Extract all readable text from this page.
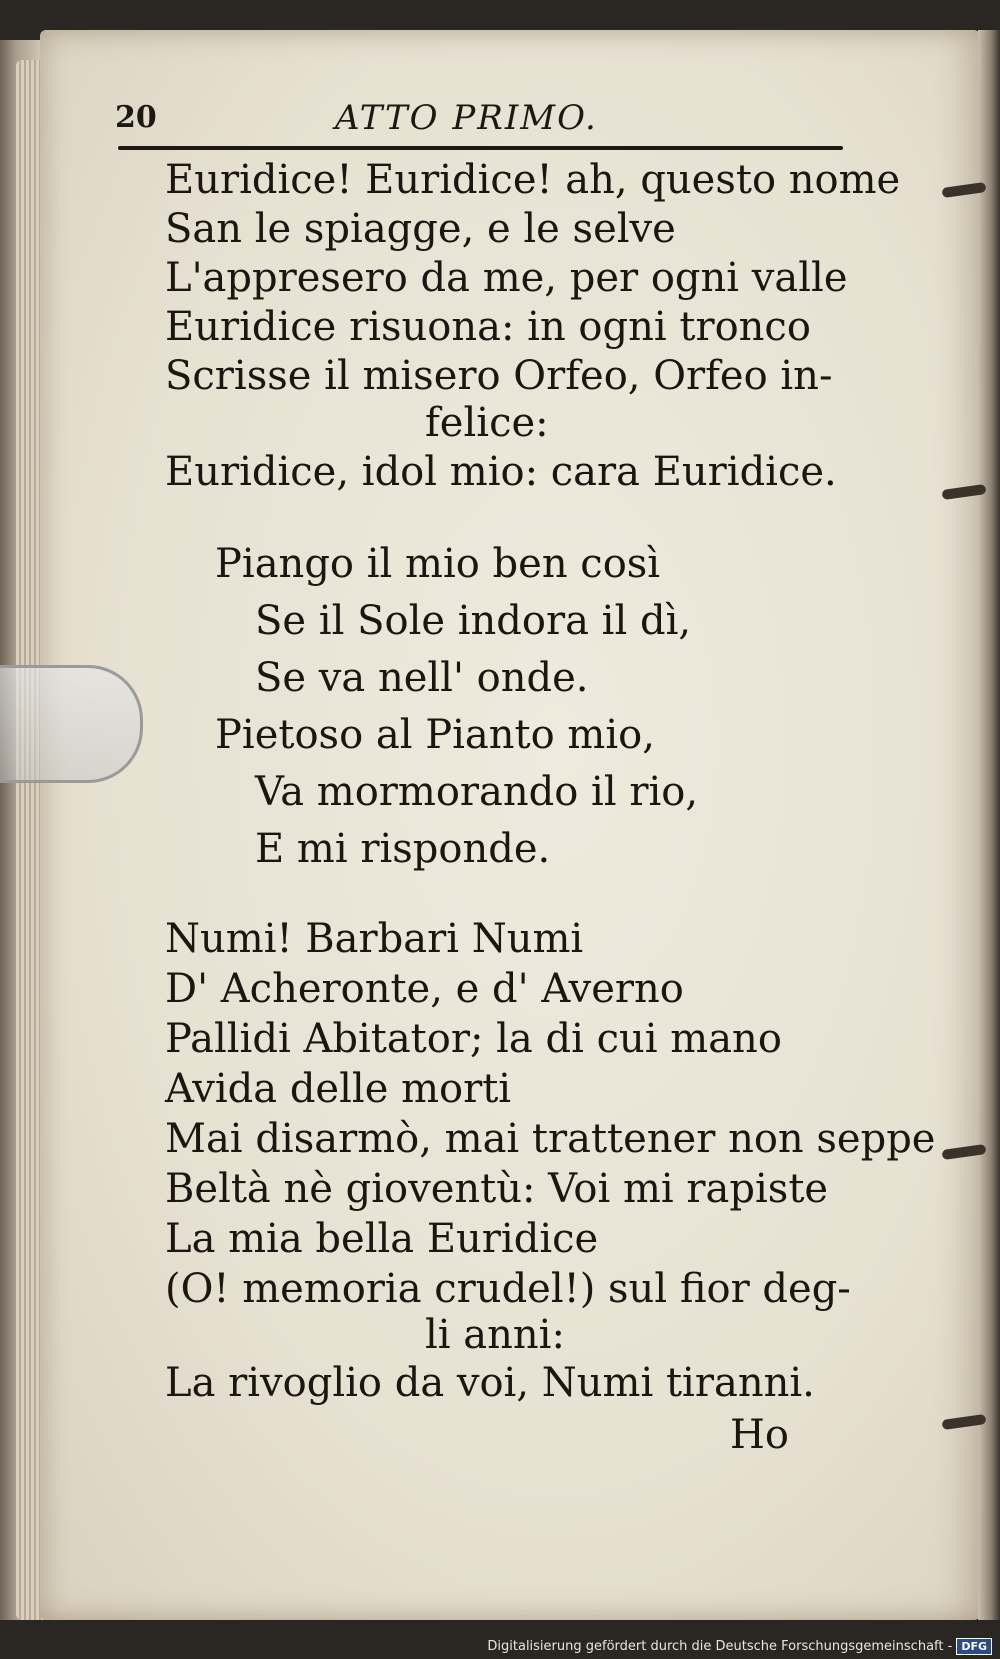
20	ATTO PRIMO.
Euridice! Euridice! ah, questo nome
San le spiagge, e le selve
L'appresero da me, per ogni valle
Euridice risuona: in ogni tronco
Scrisse il misero Orfeo, Orfeo in-
felice:
Euridice, idol mio: cara Euridice.
Piango il mio ben così
Se il Sole indora il dì,
Se va nell' onde.
Pietoso al Pianto mio,
Va mormorando il rio,
E mi risponde.
Numi! Barbari Numi
D' Acheronte, e d' Averno
Pallidi Abitator; la di cui mano
Avida delle morti
Mai disarmò, mai trattener non seppe
Beltà nè gioventù: Voi mi rapiste
La mia bella Euridice
(O! memoria crudel!) sul fior deg-
li anni:
La rivoglio da voi, Numi tiranni.
Ho
Digitalisierung gefördert durch die Deutsche Forschungsgemeinschaft - DFG
